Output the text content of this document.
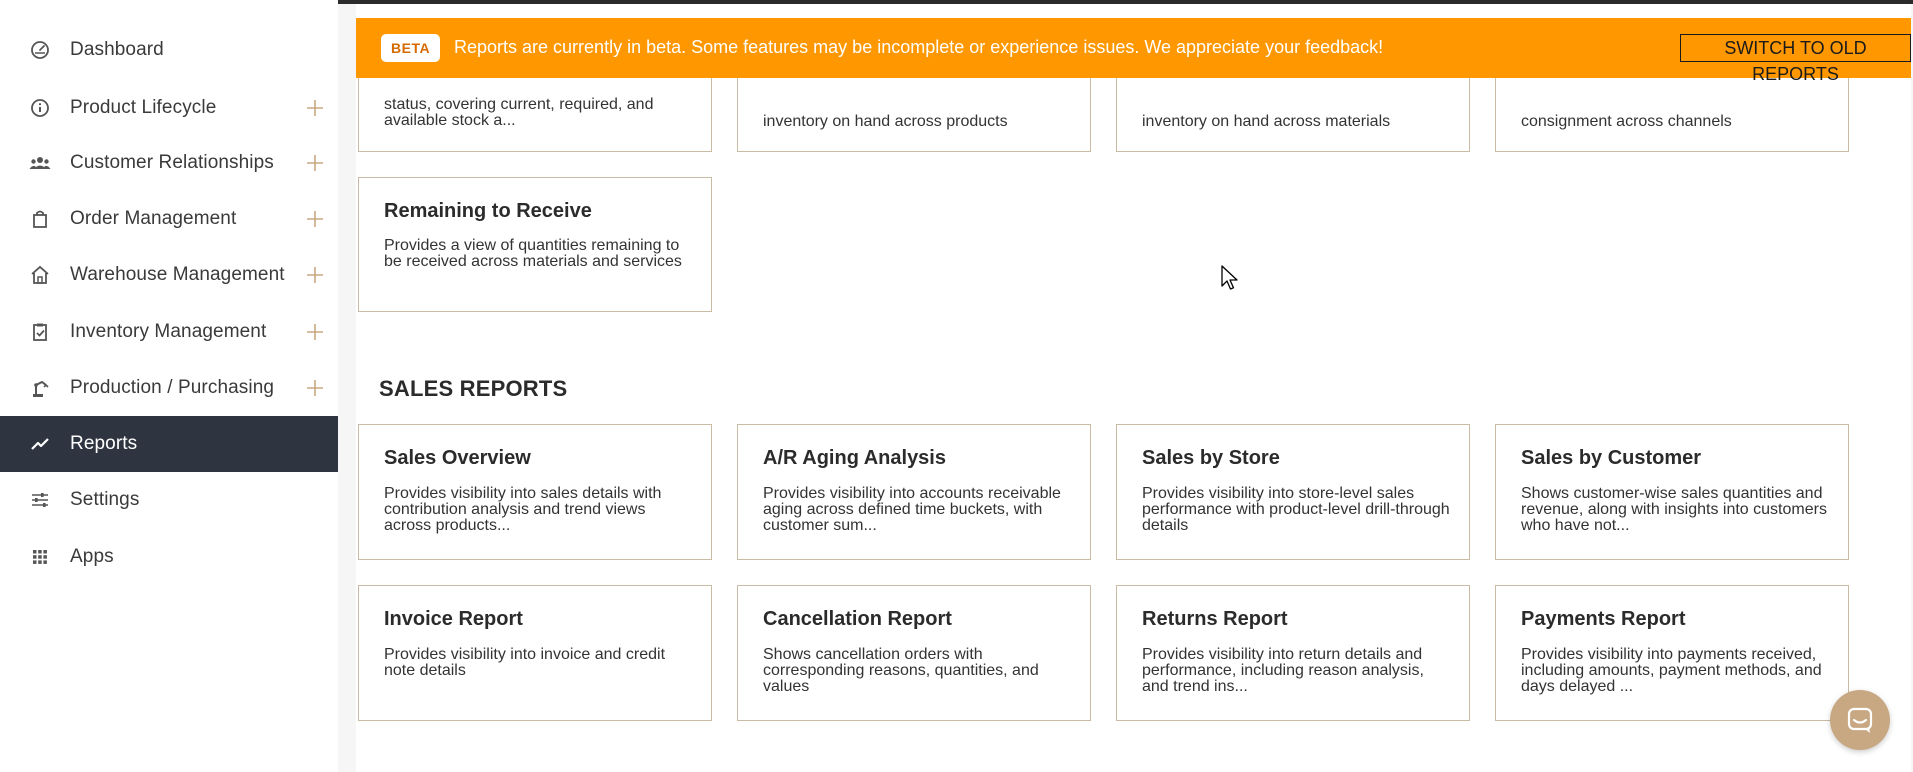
Dashboard
Product Lifecycle
Customer Relationships
Order Management
Warehouse Management
Inventory Management
Production / Purchasing
Reports
Settings
Apps
status, covering current, required, and available stock a...	inventory on hand across products	inventory on hand across materials	consignment across channels
Remaining to Receive
Provides a view of quantities remaining to be received across materials and services
SALES REPORTS
Sales Overview
Provides visibility into sales details with contribution analysis and trend views across products...
A/R Aging Analysis
Provides visibility into accounts receivable aging across defined time buckets, with customer sum...
Sales by Store
Provides visibility into store-level sales performance with product-level drill-through details
Sales by Customer
Shows customer-wise sales quantities and revenue, along with insights into customers who have not...
Invoice Report
Provides visibility into invoice and credit note details
Cancellation Report
Shows cancellation orders with corresponding reasons, quantities, and values
Returns Report
Provides visibility into return details and performance, including reason analysis, and trend ins...
Payments Report
Provides visibility into payments received, including amounts, payment methods, and days delayed ...
BETA	Reports are currently in beta. Some features may be incomplete or experience issues. We appreciate your feedback!	SWITCH TO OLD REPORTS
